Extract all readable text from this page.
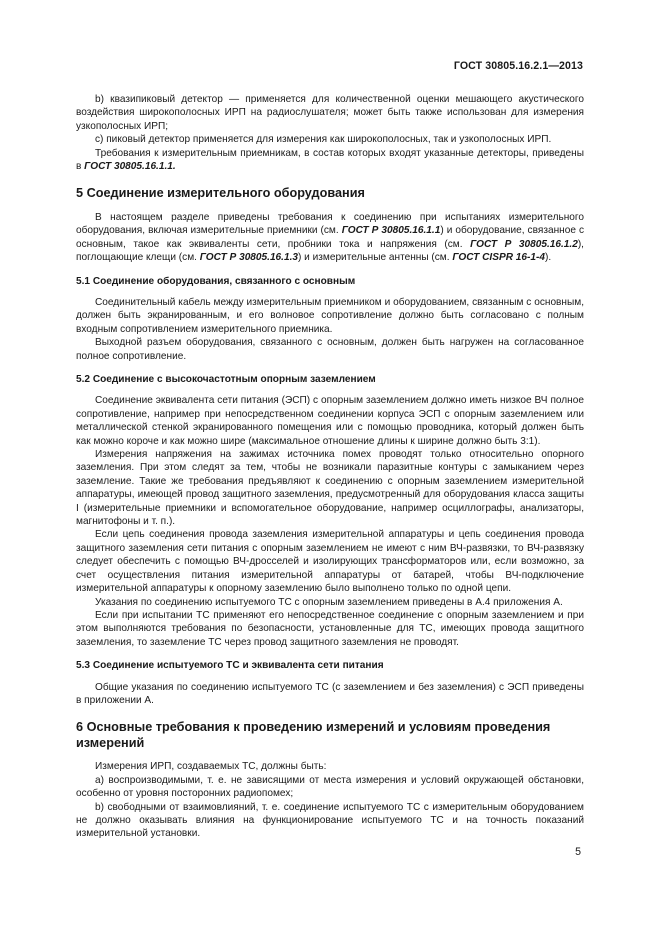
ГОСТ 30805.16.2.1—2013

b) квазипиковый детектор — применяется для количественной оценки мешающего акустического воздействия широкополосных ИРП на радиослушателя; может быть также использован для измерения узкополосных ИРП;

c) пиковый детектор применяется для измерения как широкополосных, так и узкополосных ИРП.

Требования к измерительным приемникам, в состав которых входят указанные детекторы, приведены в ГОСТ 30805.16.1.1.

5 Соединение измерительного оборудования

В настоящем разделе приведены требования к соединению при испытаниях измерительного оборудования, включая измерительные приемники (см. ГОСТ Р 30805.16.1.1) и оборудование, связанное с основным, такое как эквиваленты сети, пробники тока и напряжения (см. ГОСТ Р 30805.16.1.2), поглощающие клещи (см. ГОСТ Р 30805.16.1.3) и измерительные антенны (см. ГОСТ CISPR 16-1-4).

5.1 Соединение оборудования, связанного с основным

Соединительный кабель между измерительным приемником и оборудованием, связанным с основным, должен быть экранированным, и его волновое сопротивление должно быть согласовано с полным входным сопротивлением измерительного приемника.

Выходной разъем оборудования, связанного с основным, должен быть нагружен на согласованное полное сопротивление.

5.2 Соединение с высокочастотным опорным заземлением

Соединение эквивалента сети питания (ЭСП) с опорным заземлением должно иметь низкое ВЧ полное сопротивление, например при непосредственном соединении корпуса ЭСП с опорным заземлением или металлической стенкой экранированного помещения или с помощью проводника, который должен быть как можно короче и как можно шире (максимальное отношение длины к ширине должно быть 3:1).

Измерения напряжения на зажимах источника помех проводят только относительно опорного заземления. При этом следят за тем, чтобы не возникали паразитные контуры с замыканием через заземление. Такие же требования предъявляют к соединению с опорным заземлением измерительной аппаратуры, имеющей провод защитного заземления, предусмотренный для оборудования класса защиты I (измерительные приемники и вспомогательное оборудование, например осциллографы, анализаторы, магнитофоны и т. п.).

Если цепь соединения провода заземления измерительной аппаратуры и цепь соединения провода защитного заземления сети питания с опорным заземлением не имеют с ним ВЧ-развязки, то ВЧ-развязку следует обеспечить с помощью ВЧ-дросселей и изолирующих трансформаторов или, если возможно, за счет осуществления питания измерительной аппаратуры от батарей, чтобы ВЧ-подключение измерительной аппаратуры к опорному заземлению было выполнено только по одной цепи.

Указания по соединению испытуемого ТС с опорным заземлением приведены в А.4 приложения А.

Если при испытании ТС применяют его непосредственное соединение с опорным заземлением и при этом выполняются требования по безопасности, установленные для ТС, имеющих провода защитного заземления, то заземление ТС через провод защитного заземления не проводят.

5.3 Соединение испытуемого ТС и эквивалента сети питания

Общие указания по соединению испытуемого ТС (с заземлением и без заземления) с ЭСП приведены в приложении А.

6 Основные требования к проведению измерений и условиям проведения измерений

Измерения ИРП, создаваемых ТС, должны быть:

а) воспроизводимыми, т. е. не зависящими от места измерения и условий окружающей обстановки, особенно от уровня посторонних радиопомех;

b) свободными от взаимовлияний, т. е. соединение испытуемого ТС с измерительным оборудованием не должно оказывать влияния на функционирование испытуемого ТС и на точность показаний измерительной установки.

5
